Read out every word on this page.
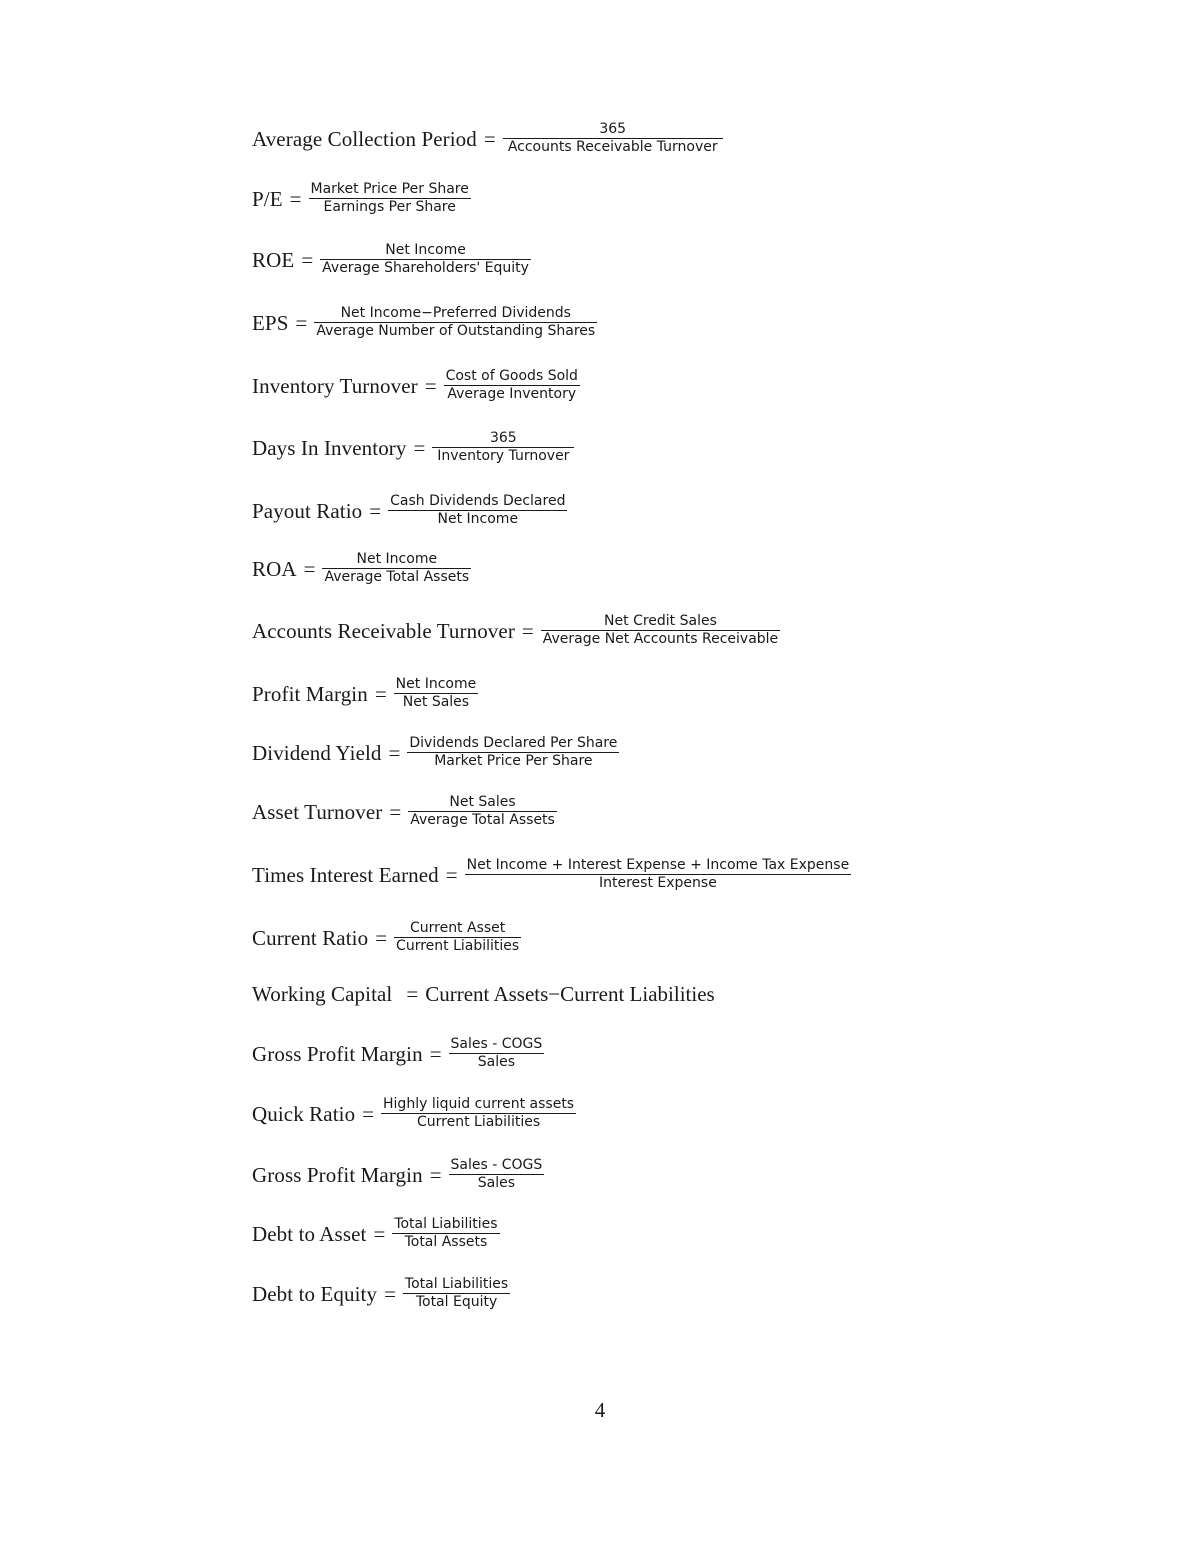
Average Collection Period = $\frac{365}{\text{Accounts Receivable Turnover}}$
$P/E = \frac{\text{Market Price Per Share}}{\text{Earnings Per Share}}$
ROE = $\frac{\text{Net Income}}{\text{Average Shareholders' Equity}}$
EPS = $\frac{\text{Net Income−Preferred Dividends}}{\text{Average Number of Outstanding Shares}}$
Inventory Turnover = $\frac{\text{Cost of Goods Sold}}{\text{Average Inventory}}$
Days In Inventory = $\frac{365}{\text{Inventory Turnover}}$
Payout Ratio = $\frac{\text{Cash Dividends Declared}}{\text{Net Income}}$
ROA = $\frac{\text{Net Income}}{\text{Average Total Assets}}$
Accounts Receivable Turnover = $\frac{\text{Net Credit Sales}}{\text{Average Net Accounts Receivable}}$
Profit Margin = $\frac{\text{Net Income}}{\text{Net Sales}}$
Dividend Yield = $\frac{\text{Dividends Declared Per Share}}{\text{Market Price Per Share}}$
Asset Turnover = $\frac{\text{Net Sales}}{\text{Average Total Assets}}$
Times Interest Earned = $\frac{\text{Net Income + Interest Expense + Income Tax Expense}}{\text{Interest Expense}}$
Current Ratio = $\frac{\text{Current Asset}}{\text{Current Liabilities}}$
Working Capital = Current Assets−Current Liabilities
Gross Profit Margin = $\frac{\text{Sales - COGS}}{\text{Sales}}$
Quick Ratio = $\frac{\text{Highly liquid current assets}}{\text{Current Liabilities}}$
Gross Profit Margin = $\frac{\text{Sales - COGS}}{\text{Sales}}$
Debt to Asset = $\frac{\text{Total Liabilities}}{\text{Total Assets}}$
Debt to Equity = $\frac{\text{Total Liabilities}}{\text{Total Equity}}$
4
